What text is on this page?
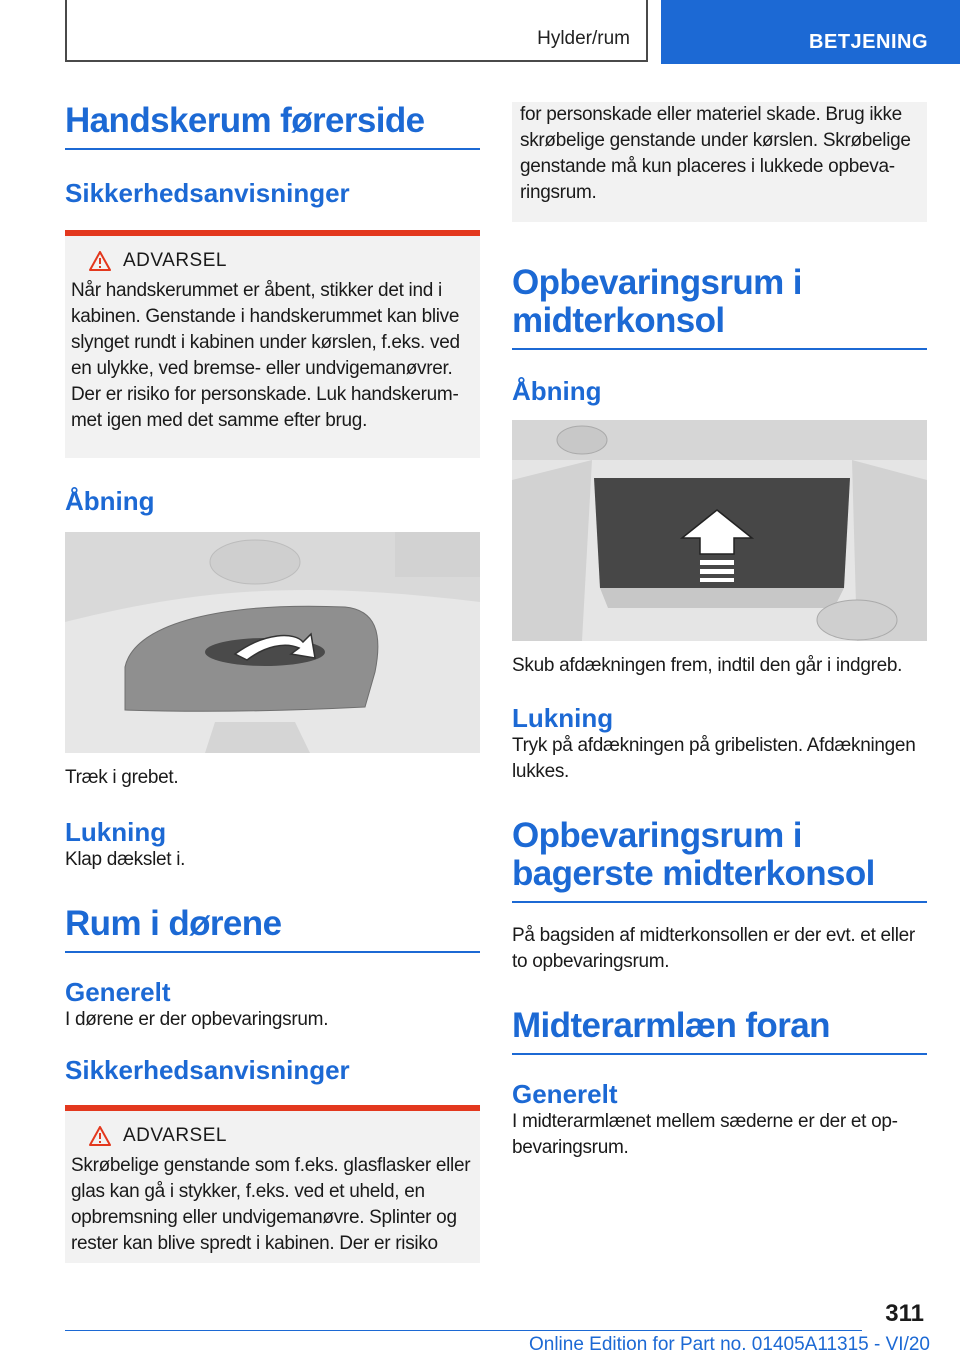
Hylder/rum	BETJENING
Handskerum førerside
Sikkerhedsanvisninger
ADVARSEL

Når handskerummet er åbent, stikker det ind i kabinen. Genstande i handskerummet kan blive slynget rundt i kabinen under kørslen, f.eks. ved en ulykke, ved bremse- eller undvigemanøvrer. Der er risiko for personskade. Luk handskerummet igen med det samme efter brug.

Åbning

Træk i grebet.

Lukning

Klap dækslet i.

Rum i dørene
Generelt

I dørene er der opbevaringsrum.

Sikkerhedsanvisninger
ADVARSEL

Skrøbelige genstande som f.eks. glasflasker eller glas kan gå i stykker, f.eks. ved et uheld, en opbremsning eller undvigemanøvre. Splinter og rester kan blive spredt i kabinen. Der er risiko

for personskade eller materiel skade. Brug ikke skrøbelige genstande under kørslen. Skrøbelige genstande må kun placeres i lukkede opbevaringsrum.

Opbevaringsrum i midterkonsol
Åbning

Skub afdækningen frem, indtil den går i indgreb.

Lukning

Tryk på afdækningen på gribelisten. Afdækningen lukkes.

Opbevaringsrum i bagerste midterkonsol

På bagsiden af midterkonsollen er der evt. et eller to opbevaringsrum.

Midterarmlæn foran
Generelt

I midterarmlænet mellem sæderne er der et opbevaringsrum.

311
Online Edition for Part no. 01405A11315 - VI/20
